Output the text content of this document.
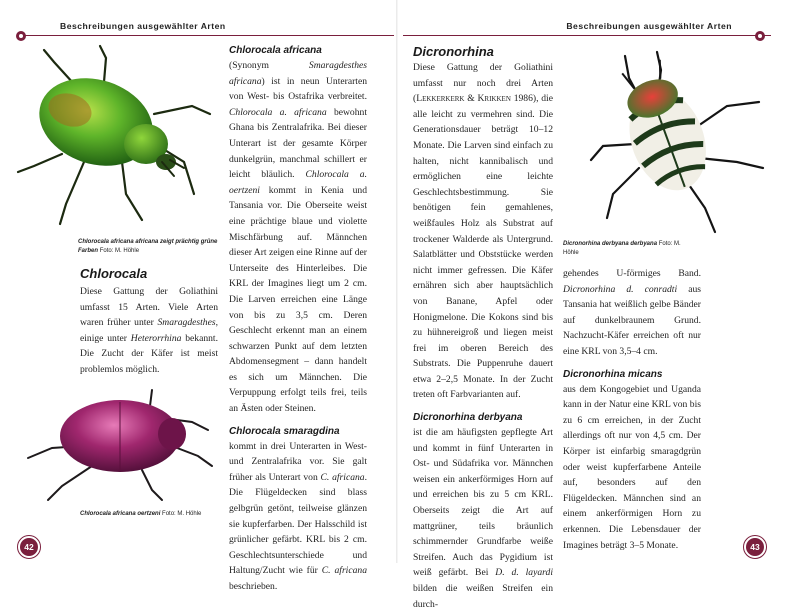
Beschreibungen ausgewählter Arten
Chlorocala africana africana zeigt prächtig grüne Farben Foto: M. Höhle
Chlorocala

Diese Gattung der Goliathini umfasst 15 Arten. Viele Arten waren früher unter Smaragdesthes, einige unter Heterorrhina bekannt. Die Zucht der Käfer ist meist problemlos möglich.

Chlorocala africana oertzeni Foto: M. Höhle
Chlorocala africana

(Synonym Smaragdesthes africana) ist in neun Unterarten von West- bis Ostafrika verbreitet. Chlorocala a. africana bewohnt Ghana bis Zentralafrika. Bei dieser Unterart ist der gesamte Körper dunkelgrün, manchmal schillert er leicht bläulich. Chlorocala a. oertzeni kommt in Kenia und Tansania vor. Die Oberseite weist eine prächtige blaue und violette Mischfärbung auf. Männchen dieser Art zeigen eine Rinne auf der Unterseite des Hinterleibes. Die KRL der Imagines liegt um 2 cm. Die Larven erreichen eine Länge von bis zu 3,5 cm. Deren Geschlecht erkennt man an einem schwarzen Punkt auf dem letzten Abdomensegment – dann handelt es sich um Männchen. Die Verpuppung erfolgt teils frei, teils an Ästen oder Steinen.

Chlorocala smaragdina

kommt in drei Unterarten in West- und Zentralafrika vor. Sie galt früher als Unterart von C. africana. Die Flügeldecken sind blass gelbgrün getönt, teilweise glänzen sie kupferfarben. Der Halsschild ist grünlicher gefärbt. KRL bis 2 cm. Geschlechtsunterschiede und Haltung/Zucht wie für C. africana beschrieben.

42
Beschreibungen ausgewählter Arten
Dicronorhina

Diese Gattung der Goliathini umfasst nur noch drei Arten (Lekkerkerk & Krikken 1986), die alle leicht zu vermehren sind. Die Generationsdauer beträgt 10–12 Monate. Die Larven sind einfach zu halten, nicht kannibalisch und ermöglichen eine leichte Geschlechtsbestimmung. Sie benötigen fein gemahlenes, weißfaules Holz als Substrat auf trockener Walderde als Untergrund. Salatblätter und Obststücke werden nicht immer gefressen. Die Käfer ernähren sich aber hauptsächlich von Banane, Apfel oder Honigmelone. Die Kokons sind bis zu hühnereigroß und liegen meist frei im oberen Bereich des Substrats. Die Puppenruhe dauert etwa 2–2,5 Monate. In der Zucht treten oft Farbvarianten auf.

Dicronorhina derbyana

ist die am häufigsten gepflegte Art und kommt in fünf Unterarten in Ost- und Südafrika vor. Männchen weisen ein ankerförmiges Horn auf und erreichen bis zu 5 cm KRL. Oberseits zeigt die Art auf mattgrüner, teils bräunlich schimmernder Grundfarbe weiße Streifen. Auch das Pygidium ist weiß gefärbt. Bei D. d. layardi bilden die weißen Streifen ein durch-

Dicronorhina derbyana derbyana Foto: M. Höhle

gehendes U-förmiges Band. Dicronorhina d. conradti aus Tansania hat weißlich gelbe Bänder auf dunkelbraunem Grund. Nachzucht-Käfer erreichen oft nur eine KRL von 3,5–4 cm.

Dicronorhina micans

aus dem Kongogebiet und Uganda kann in der Natur eine KRL von bis zu 6 cm erreichen, in der Zucht allerdings oft nur von 4,5 cm. Der Körper ist einfarbig smaragdgrün oder weist kupferfarbene Anteile auf, besonders auf den Flügeldecken. Männchen sind an einem ankerförmigen Horn zu erkennen. Die Lebensdauer der Imagines beträgt 3–5 Monate.	43
